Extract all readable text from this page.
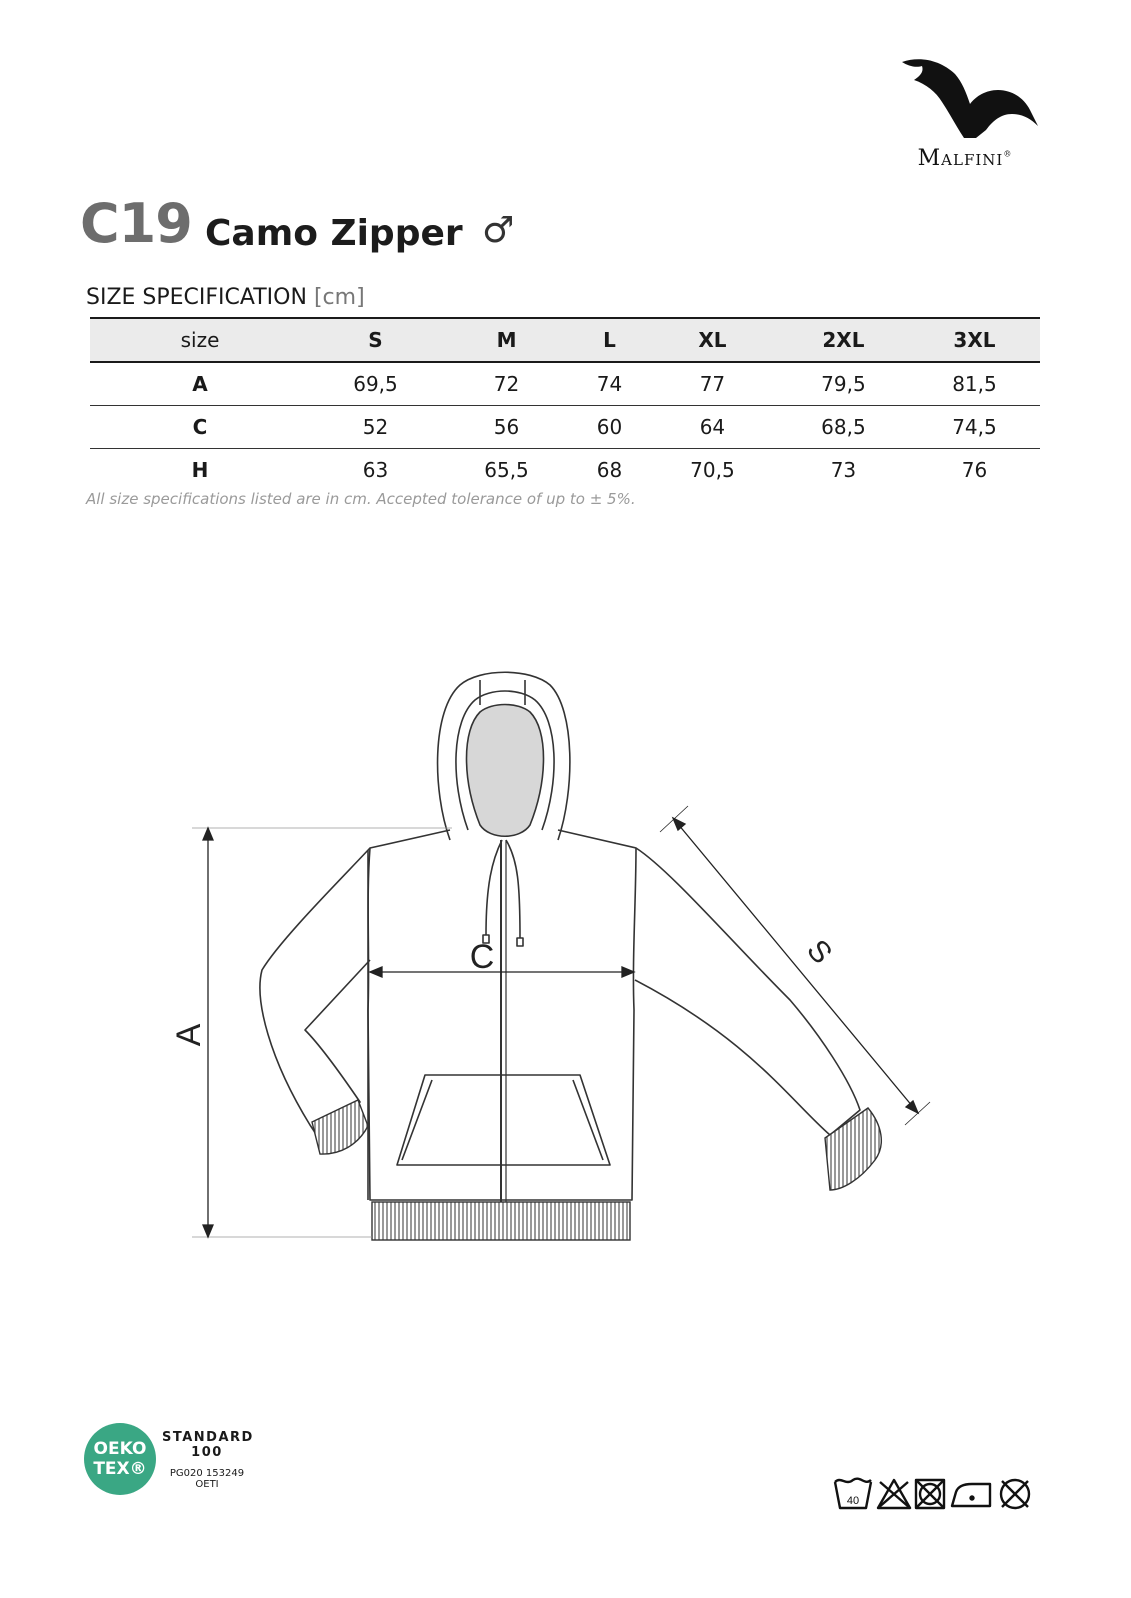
Malfini®
C19 Camo Zipper ♂
SIZE SPECIFICATION [cm]
size	S	M	L	XL	2XL	3XL
A	69,5	72	74	77	79,5	81,5
C	52	56	60	64	68,5	74,5
H	63	65,5	68	70,5	73	76
All size specifications listed are in cm. Accepted tolerance of up to ± 5%.
A
C	S
OEKO
TEX®
STANDARD
100
PG020 153249
OETI
40
